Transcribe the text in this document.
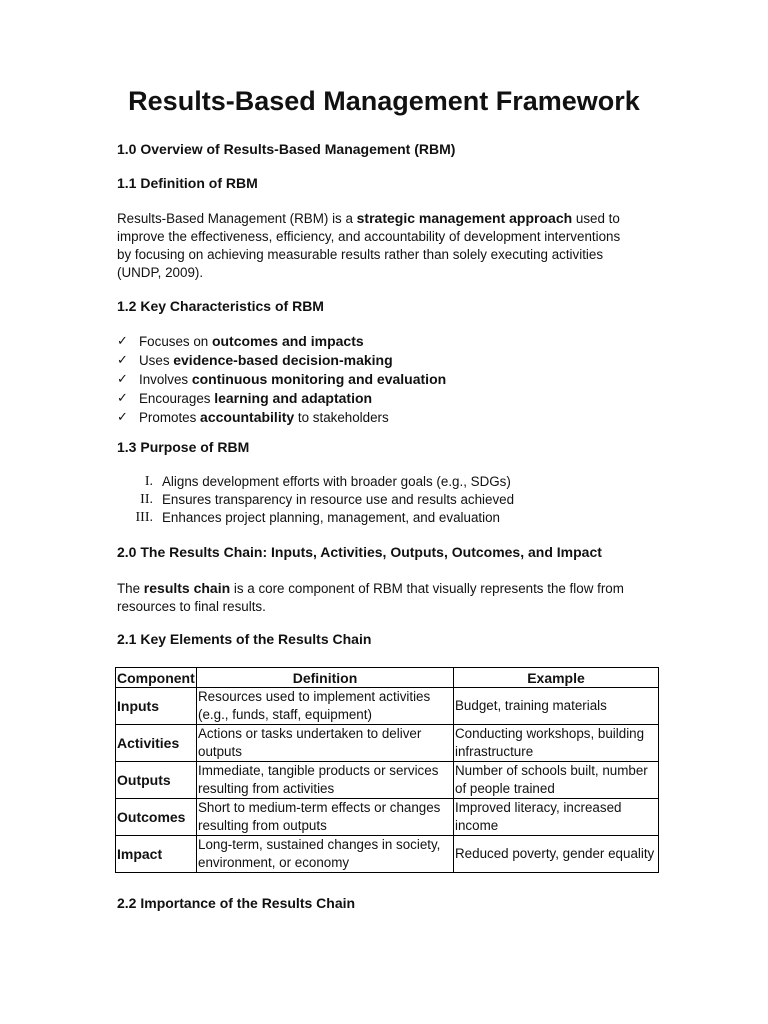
Results-Based Management Framework
1.0 Overview of Results-Based Management (RBM)
1.1 Definition of RBM

Results-Based Management (RBM) is a strategic management approach used to improve the effectiveness, efficiency, and accountability of development interventions by focusing on achieving measurable results rather than solely executing activities (UNDP, 2009).

1.2 Key Characteristics of RBM
✓ Focuses on outcomes and impacts
✓ Uses evidence-based decision-making
✓ Involves continuous monitoring and evaluation
✓ Encourages learning and adaptation
✓ Promotes accountability to stakeholders
1.3 Purpose of RBM
I. Aligns development efforts with broader goals (e.g., SDGs)
II. Ensures transparency in resource use and results achieved
III. Enhances project planning, management, and evaluation
2.0 The Results Chain: Inputs, Activities, Outputs, Outcomes, and Impact

The results chain is a core component of RBM that visually represents the flow from resources to final results.

2.1 Key Elements of the Results Chain
Component	Definition	Example
Inputs	Resources used to implement activities (e.g., funds, staff, equipment)	Budget, training materials
Activities	Actions or tasks undertaken to deliver outputs	Conducting workshops, building infrastructure
Outputs	Immediate, tangible products or services resulting from activities	Number of schools built, number of people trained
Outcomes	Short to medium-term effects or changes resulting from outputs	Improved literacy, increased income
Impact	Long-term, sustained changes in society, environment, or economy	Reduced poverty, gender equality
2.2 Importance of the Results Chain
